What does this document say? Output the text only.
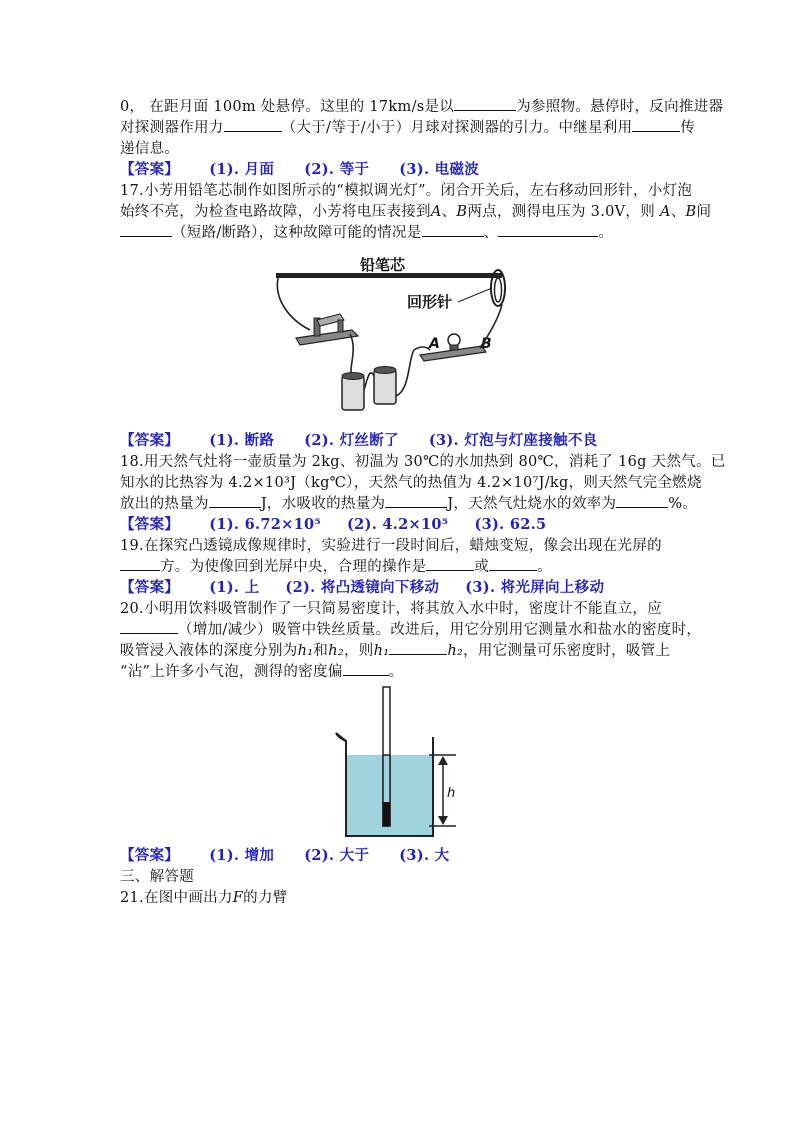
0， 在距月面 100m 处悬停。这里的 17km/s是以	为参照物。悬停时，反向推进器
对探测器作用力	（大于/等于/小于）月球对探测器的引力。中继星利用	传
递信息。
【答案】 (1). 月面 (2). 等于 (3). 电磁波
17.小芳用铅笔芯制作如图所示的“模拟调光灯”。闭合开关后，左右移动回形针，小灯泡
始终不亮，为检查电路故障，小芳将电压表接到A、B两点，测得电压为 3.0V，则 A、B间
（短路/断路），这种故障可能的情况是	、	。
铅笔芯
回形针
A	B
【答案】 (1). 断路 (2). 灯丝断了 (3). 灯泡与灯座接触不良
18.用天然气灶将一壶质量为 2kg、初温为 30℃的水加热到 80℃，消耗了 16g 天然气。已
知水的比热容为 4.2×10³J（kg℃），天然气的热值为 4.2×10⁷J/kg，则天然气完全燃烧
放出的热量为	J，水吸收的热量为	J，天然气灶烧水的效率为	%。
【答案】 (1). 6.72×10⁵ (2). 4.2×10⁵ (3). 62.5
19.在探究凸透镜成像规律时，实验进行一段时间后，蜡烛变短，像会出现在光屏的
方。为使像回到光屏中央，合理的操作是	或	。
【答案】 (1). 上 (2). 将凸透镜向下移动 (3). 将光屏向上移动
20.小明用饮料吸管制作了一只简易密度计，将其放入水中时，密度计不能直立，应
（增加/减少）吸管中铁丝质量。改进后，用它分别用它测量水和盐水的密度时，
吸管浸入液体的深度分别为h₁和h₂，则h₁	h₂，用它测量可乐密度时，吸管上
“沾”上许多小气泡，测得的密度偏	。
h
【答案】 (1). 增加 (2). 大于 (3). 大
三、解答题
21.在图中画出力F的力臂
